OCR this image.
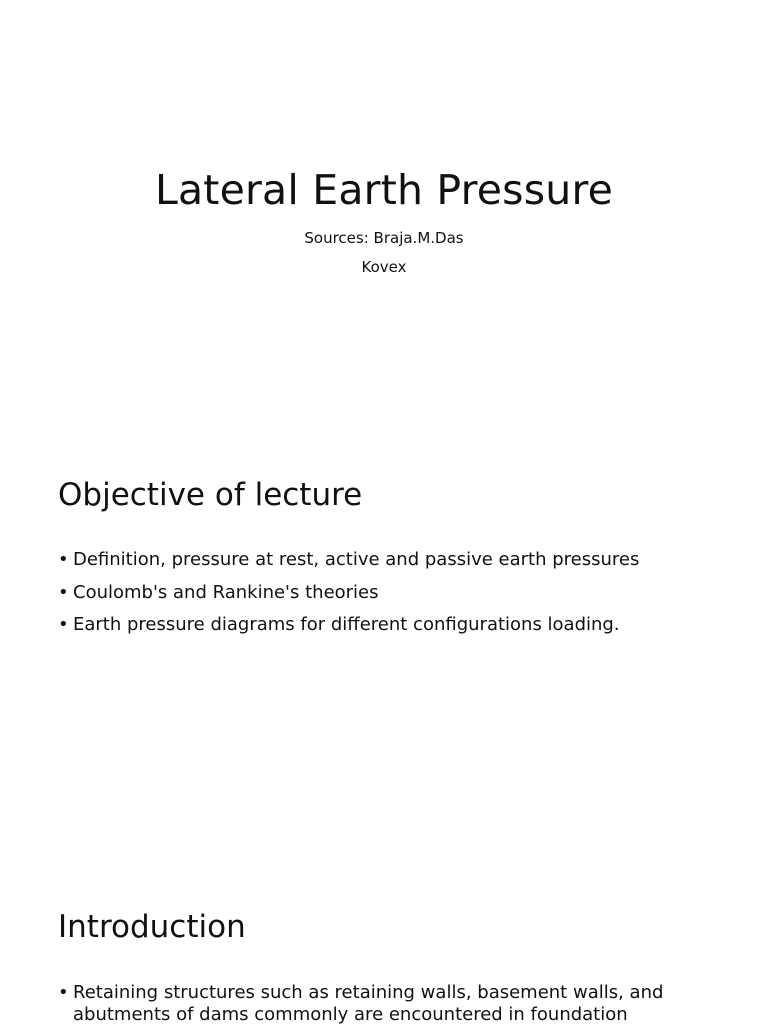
Lateral Earth Pressure
Sources: Braja.M.Das
Kovex
Objective of lecture
• Definition, pressure at rest, active and passive earth pressures
• Coulomb's and Rankine's theories
• Earth pressure diagrams for different configurations loading.
Introduction
• Retaining structures such as retaining walls, basement walls, and abutments of dams commonly are encountered in foundation
